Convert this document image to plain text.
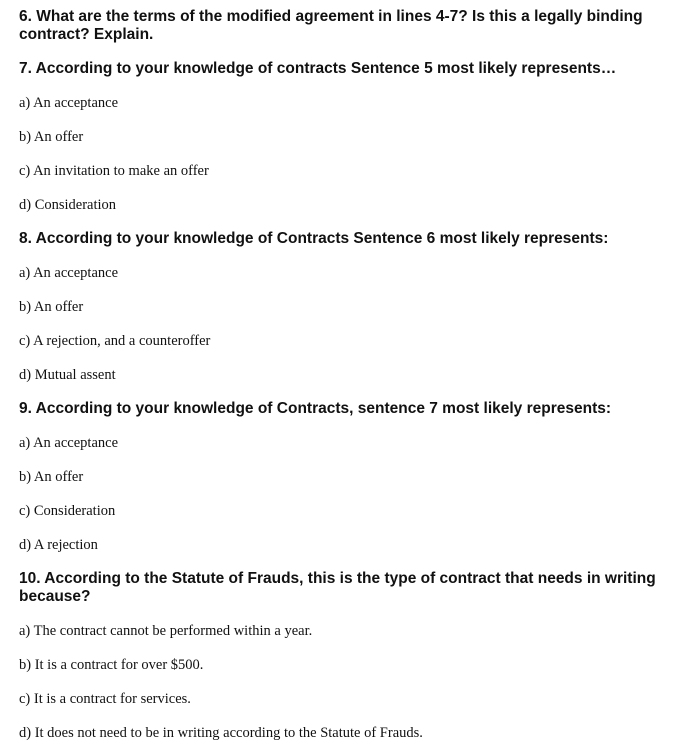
6. What are the terms of the modified agreement in lines 4-7? Is this a legally binding contract? Explain.

7. According to your knowledge of contracts Sentence 5 most likely represents…

a) An acceptance

b) An offer

c) An invitation to make an offer

d) Consideration

8. According to your knowledge of Contracts Sentence 6 most likely represents:

a) An acceptance

b) An offer

c) A rejection, and a counteroffer

d) Mutual assent

9. According to your knowledge of Contracts, sentence 7 most likely represents:

a) An acceptance

b) An offer

c) Consideration

d) A rejection

10. According to the Statute of Frauds, this is the type of contract that needs in writing because?

a) The contract cannot be performed within a year.

b) It is a contract for over $500.

c) It is a contract for services.

d) It does not need to be in writing according to the Statute of Frauds.
